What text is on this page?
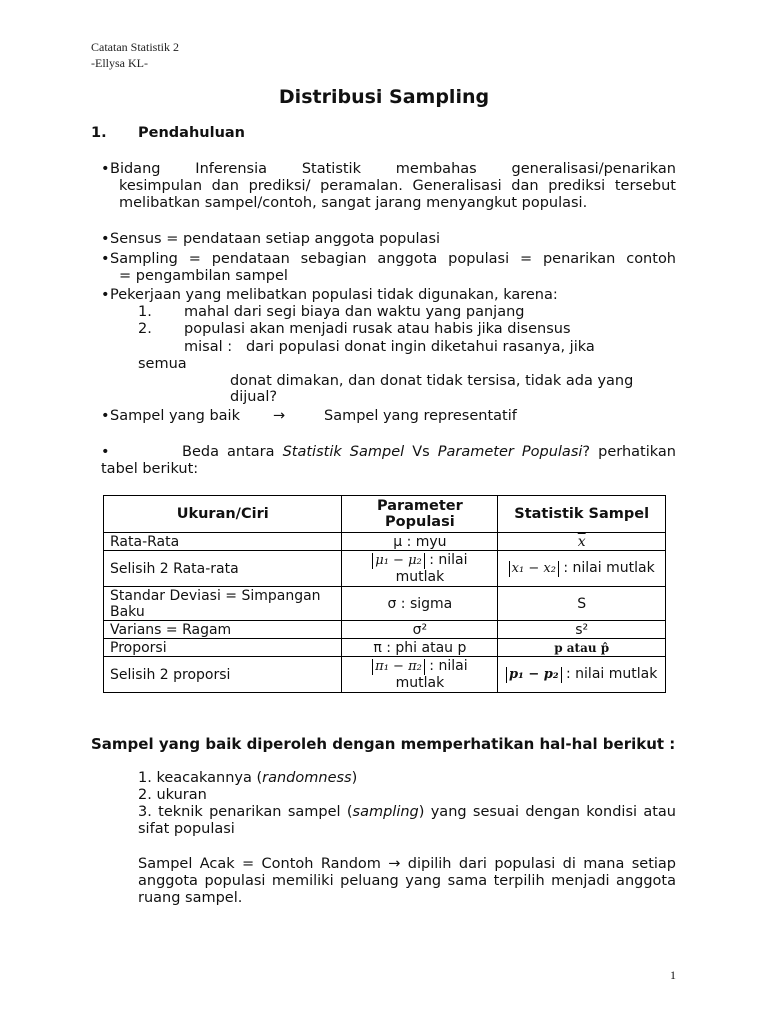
Catatan Statistik 2
-Ellysa KL-
Distribusi Sampling
1. Pendahuluan
• Bidang Inferensia Statistik membahas generalisasi/penarikan
kesimpulan dan prediksi/ peramalan. Generalisasi dan prediksi tersebut melibatkan sampel/contoh, sangat jarang menyangkut populasi.
• Sensus = pendataan setiap anggota populasi
• Sampling = pendataan sebagian anggota populasi = penarikan contoh
= pengambilan sampel
• Pekerjaan yang melibatkan populasi tidak digunakan, karena:
1. mahal dari segi biaya dan waktu yang panjang
2. populasi akan menjadi rusak atau habis jika disensus
misal :   dari populasi donat ingin diketahui rasanya, jika
semua
donat dimakan, dan donat tidak tersisa, tidak ada yang
dijual?
• Sampel yang baik →	Sampel yang representatif
•	Beda antara Statistik Sampel Vs Parameter Populasi? perhatikan
tabel berikut:
Ukuran/Ciri	Parameter Populasi	Statistik Sampel
Rata-Rata	μ : myu	$\overline{x}$
Selisih 2 Rata-rata	μ₁ − μ₂ : nilai mutlak	x₁ − x₂ : nilai mutlak
Standar Deviasi = Simpangan Baku	σ : sigma	S
Varians = Ragam	σ²	s²
Proporsi	π : phi atau p	p atau p̂
Selisih 2 proporsi	π₁ − π₂ : nilai mutlak	p₁ − p₂ : nilai mutlak
Sampel yang baik diperoleh dengan memperhatikan hal-hal berikut :
1. keacakannya (randomness)
2. ukuran
3. teknik penarikan sampel (sampling) yang sesuai dengan kondisi atau sifat populasi
Sampel Acak = Contoh Random → dipilih dari populasi di mana setiap anggota populasi memiliki peluang yang sama terpilih menjadi anggota ruang sampel.
1
